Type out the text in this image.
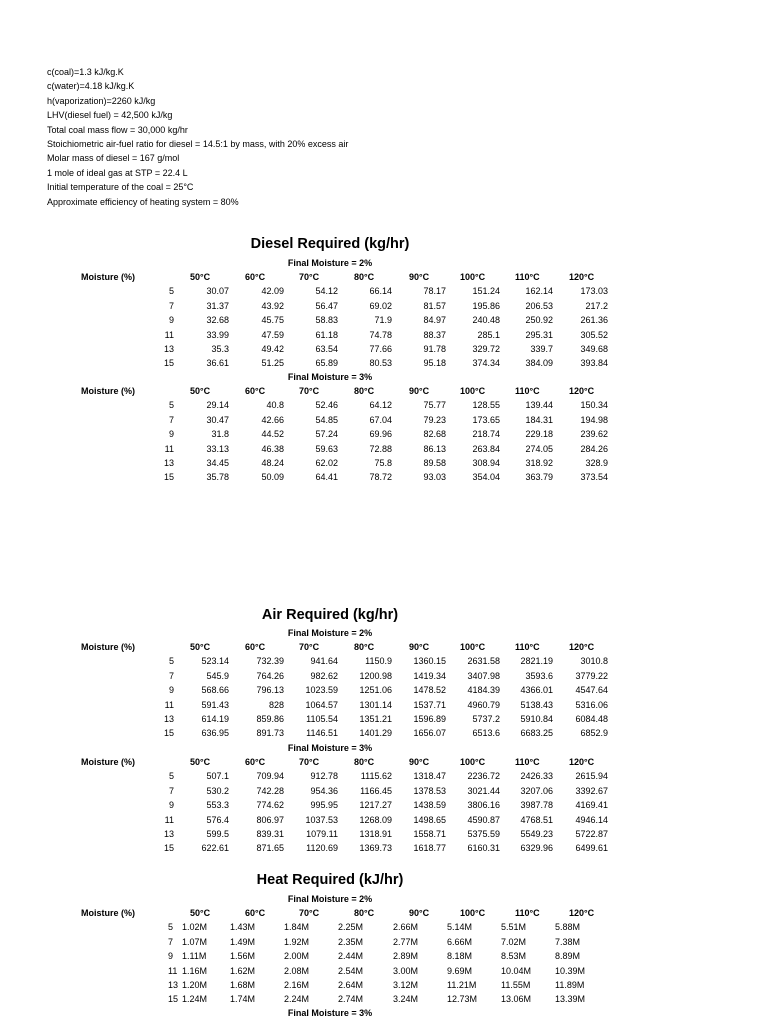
c(coal)=1.3 kJ/kg.K
c(water)=4.18 kJ/kg.K
h(vaporization)=2260 kJ/kg
LHV(diesel fuel) = 42,500 kJ/kg
Total coal mass flow = 30,000 kg/hr
Stoichiometric air-fuel ratio for diesel = 14.5:1 by mass, with 20% excess air
Molar mass of diesel = 167 g/mol
1 mole of ideal gas at STP = 22.4 L
Initial temperature of the coal = 25°C
Approximate efficiency of heating system = 80%
Diesel Required (kg/hr)
Final Moisture = 2%
Moisture (%)	50°C	60°C	70°C	80°C	90°C	100°C	110°C	120°C
5	30.07	42.09	54.12	66.14	78.17	151.24	162.14	173.03
7	31.37	43.92	56.47	69.02	81.57	195.86	206.53	217.2
9	32.68	45.75	58.83	71.9	84.97	240.48	250.92	261.36
11	33.99	47.59	61.18	74.78	88.37	285.1	295.31	305.52
13	35.3	49.42	63.54	77.66	91.78	329.72	339.7	349.68
15	36.61	51.25	65.89	80.53	95.18	374.34	384.09	393.84
Final Moisture = 3%
Moisture (%)	50°C	60°C	70°C	80°C	90°C	100°C	110°C	120°C
5	29.14	40.8	52.46	64.12	75.77	128.55	139.44	150.34
7	30.47	42.66	54.85	67.04	79.23	173.65	184.31	194.98
9	31.8	44.52	57.24	69.96	82.68	218.74	229.18	239.62
11	33.13	46.38	59.63	72.88	86.13	263.84	274.05	284.26
13	34.45	48.24	62.02	75.8	89.58	308.94	318.92	328.9
15	35.78	50.09	64.41	78.72	93.03	354.04	363.79	373.54
Air Required (kg/hr)
Final Moisture = 2%
Moisture (%)	50°C	60°C	70°C	80°C	90°C	100°C	110°C	120°C
5	523.14	732.39	941.64	1150.9 1360.15 2631.58 2821.19	3010.8
7	545.9	764.26	982.62 1200.98 1419.34 3407.98	3593.6 3779.22
9	568.66	796.13 1023.59 1251.06 1478.52 4184.39 4366.01 4547.64
11	591.43	828 1064.57 1301.14 1537.71 4960.79 5138.43 5316.06
13	614.19	859.86 1105.54 1351.21 1596.89	5737.2 5910.84 6084.48
15	636.95	891.73 1146.51 1401.29 1656.07	6513.6 6683.25	6852.9
Final Moisture = 3%
Moisture (%)	50°C	60°C	70°C	80°C	90°C	100°C	110°C	120°C
5	507.1	709.94	912.78	1115.62 1318.47 2236.72 2426.33 2615.94
7	530.2	742.28	954.36 1166.45 1378.53 3021.44 3207.06 3392.67
9	553.3	774.62	995.95 1217.27 1438.59 3806.16 3987.78 4169.41
11	576.4	806.97 1037.53 1268.09 1498.65 4590.87 4768.51 4946.14
13	599.5	839.31 1079.11 1318.91 1558.71 5375.59 5549.23 5722.87
15	622.61	871.65 1120.69 1369.73 1618.77 6160.31 6329.96 6499.61
Heat Required (kJ/hr)
Final Moisture = 2%
Moisture (%)	50°C	60°C	70°C	80°C	90°C	100°C	110°C	120°C
5 1.02M	1.43M	1.84M	2.25M	2.66M	5.14M	5.51M	5.88M
7 1.07M	1.49M	1.92M	2.35M	2.77M	6.66M	7.02M	7.38M
9 1.11M	1.56M	2.00M	2.44M	2.89M	8.18M	8.53M	8.89M
11 1.16M	1.62M	2.08M	2.54M	3.00M	9.69M	10.04M	10.39M
13 1.20M	1.68M	2.16M	2.64M	3.12M	11.21M	11.55M	11.89M
15 1.24M	1.74M	2.24M	2.74M	3.24M	12.73M	13.06M	13.39M
Final Moisture = 3%
